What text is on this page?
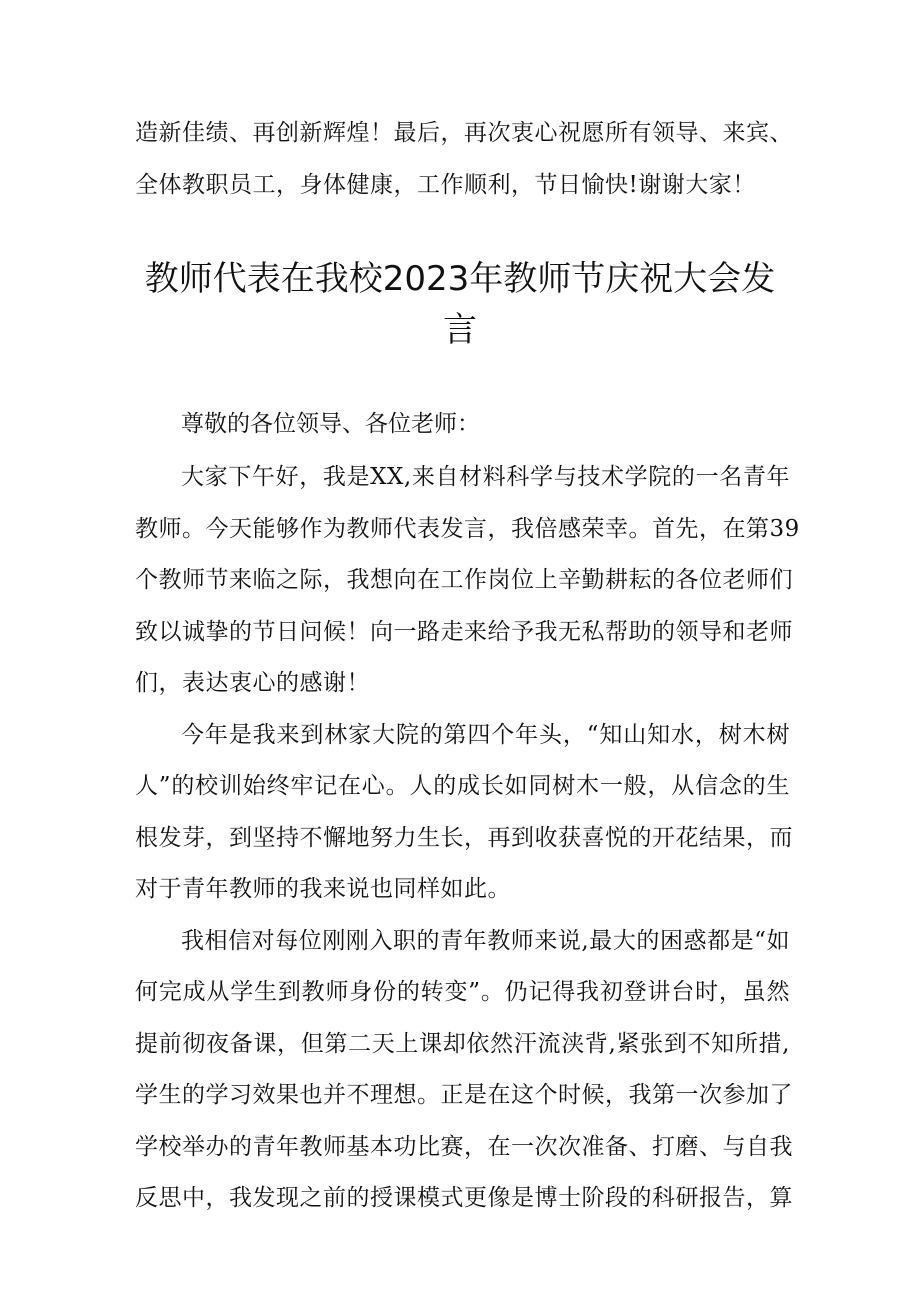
造新佳绩、再创新辉煌！最后，再次衷心祝愿所有领导、来宾、
全体教职员工，身体健康，工作顺利，节日愉快!谢谢大家！
教师代表在我校2023年教师节庆祝大会发
言
尊敬的各位领导、各位老师：
大家下午好，我是XX,来自材料科学与技术学院的一名青年
教师。今天能够作为教师代表发言，我倍感荣幸。首先，在第39
个教师节来临之际，我想向在工作岗位上辛勤耕耘的各位老师们
致以诚挚的节日问候！向一路走来给予我无私帮助的领导和老师
们，表达衷心的感谢！
今年是我来到林家大院的第四个年头，“知山知水，树木树
人”的校训始终牢记在心。人的成长如同树木一般，从信念的生
根发芽，到坚持不懈地努力生长，再到收获喜悦的开花结果，而
对于青年教师的我来说也同样如此。
我相信对每位刚刚入职的青年教师来说,最大的困惑都是“如
何完成从学生到教师身份的转变”。仍记得我初登讲台时，虽然
提前彻夜备课，但第二天上课却依然汗流浃背,紧张到不知所措,
学生的学习效果也并不理想。正是在这个时候，我第一次参加了
学校举办的青年教师基本功比赛，在一次次准备、打磨、与自我
反思中，我发现之前的授课模式更像是博士阶段的科研报告，算
